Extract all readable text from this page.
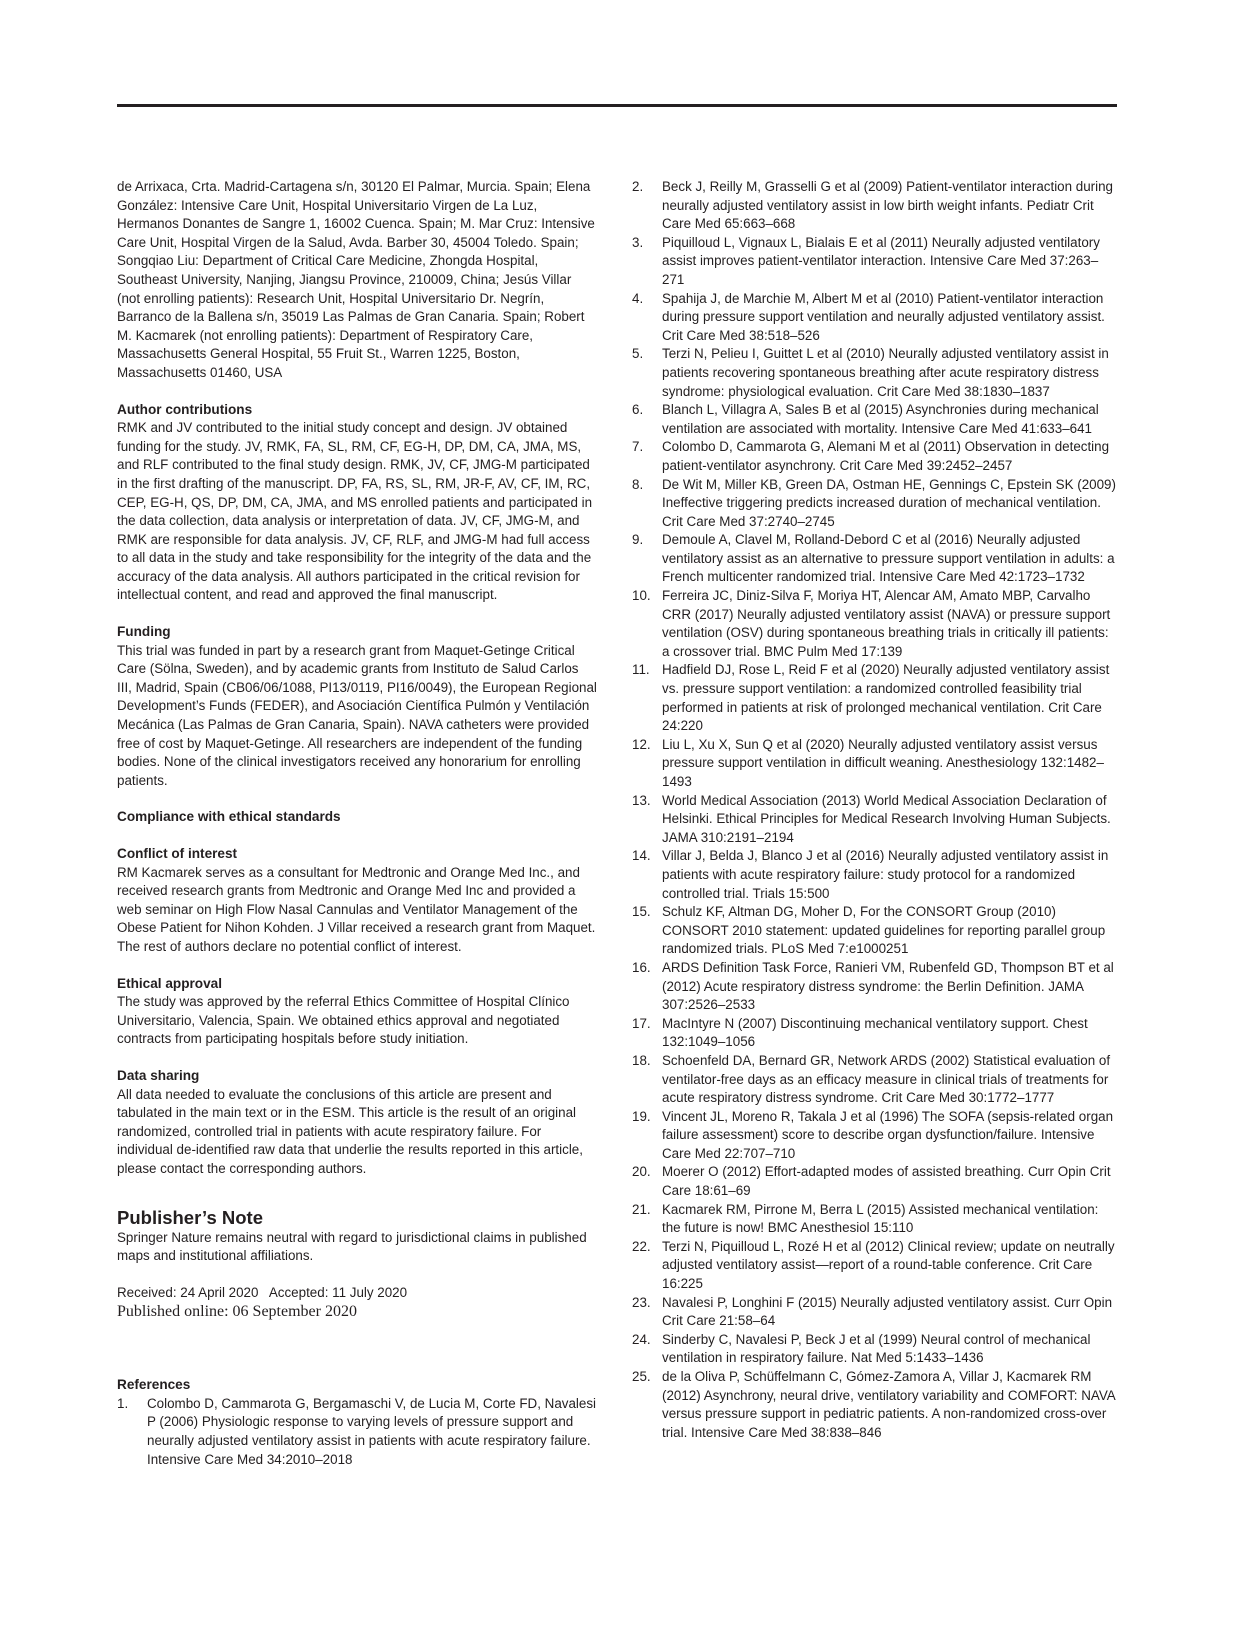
de Arrixaca, Crta. Madrid-Cartagena s/n, 30120 El Palmar, Murcia. Spain; Elena González: Intensive Care Unit, Hospital Universitario Virgen de La Luz, Hermanos Donantes de Sangre 1, 16002 Cuenca. Spain; M. Mar Cruz: Intensive Care Unit, Hospital Virgen de la Salud, Avda. Barber 30, 45004 Toledo. Spain; Songqiao Liu: Department of Critical Care Medicine, Zhongda Hospital, Southeast University, Nanjing, Jiangsu Province, 210009, China; Jesús Villar (not enrolling patients): Research Unit, Hospital Universitario Dr. Negrín, Barranco de la Ballena s/n, 35019 Las Palmas de Gran Canaria. Spain; Robert M. Kacmarek (not enrolling patients): Department of Respiratory Care, Massachusetts General Hospital, 55 Fruit St., Warren 1225, Boston, Massachusetts 01460, USA

Author contributions

RMK and JV contributed to the initial study concept and design. JV obtained funding for the study. JV, RMK, FA, SL, RM, CF, EG-H, DP, DM, CA, JMA, MS, and RLF contributed to the final study design. RMK, JV, CF, JMG-M participated in the first drafting of the manuscript. DP, FA, RS, SL, RM, JR-F, AV, CF, IM, RC, CEP, EG-H, QS, DP, DM, CA, JMA, and MS enrolled patients and participated in the data collection, data analysis or interpretation of data. JV, CF, JMG-M, and RMK are responsible for data analysis. JV, CF, RLF, and JMG-M had full access to all data in the study and take responsibility for the integrity of the data and the accuracy of the data analysis. All authors participated in the critical revision for intellectual content, and read and approved the final manuscript.

Funding

This trial was funded in part by a research grant from Maquet-Getinge Critical Care (Sölna, Sweden), and by academic grants from Instituto de Salud Carlos III, Madrid, Spain (CB06/06/1088, PI13/0119, PI16/0049), the European Regional Development’s Funds (FEDER), and Asociación Científica Pulmón y Ventilación Mecánica (Las Palmas de Gran Canaria, Spain). NAVA catheters were provided free of cost by Maquet-Getinge. All researchers are independent of the funding bodies. None of the clinical investigators received any honorarium for enrolling patients.

Compliance with ethical standards
Conflict of interest

RM Kacmarek serves as a consultant for Medtronic and Orange Med Inc., and received research grants from Medtronic and Orange Med Inc and provided a web seminar on High Flow Nasal Cannulas and Ventilator Management of the Obese Patient for Nihon Kohden. J Villar received a research grant from Maquet. The rest of authors declare no potential conflict of interest.

Ethical approval

The study was approved by the referral Ethics Committee of Hospital Clínico Universitario, Valencia, Spain. We obtained ethics approval and negotiated contracts from participating hospitals before study initiation.

Data sharing

All data needed to evaluate the conclusions of this article are present and tabulated in the main text or in the ESM. This article is the result of an original randomized, controlled trial in patients with acute respiratory failure. For individual de-identified raw data that underlie the results reported in this article, please contact the corresponding authors.

Publisher’s Note

Springer Nature remains neutral with regard to jurisdictional claims in published maps and institutional affiliations.

Received: 24 April 2020   Accepted: 11 July 2020

Published online: 06 September 2020

References
1. Colombo D, Cammarota G, Bergamaschi V, de Lucia M, Corte FD, Navalesi P (2006) Physiologic response to varying levels of pressure support and neurally adjusted ventilatory assist in patients with acute respiratory failure. Intensive Care Med 34:2010–2018
2. Beck J, Reilly M, Grasselli G et al (2009) Patient-ventilator interaction during neurally adjusted ventilatory assist in low birth weight infants. Pediatr Crit Care Med 65:663–668
3. Piquilloud L, Vignaux L, Bialais E et al (2011) Neurally adjusted ventilatory assist improves patient-ventilator interaction. Intensive Care Med 37:263–271
4. Spahija J, de Marchie M, Albert M et al (2010) Patient-ventilator interaction during pressure support ventilation and neurally adjusted ventilatory assist. Crit Care Med 38:518–526
5. Terzi N, Pelieu I, Guittet L et al (2010) Neurally adjusted ventilatory assist in patients recovering spontaneous breathing after acute respiratory distress syndrome: physiological evaluation. Crit Care Med 38:1830–1837
6. Blanch L, Villagra A, Sales B et al (2015) Asynchronies during mechanical ventilation are associated with mortality. Intensive Care Med 41:633–641
7. Colombo D, Cammarota G, Alemani M et al (2011) Observation in detecting patient-ventilator asynchrony. Crit Care Med 39:2452–2457
8. De Wit M, Miller KB, Green DA, Ostman HE, Gennings C, Epstein SK (2009) Ineffective triggering predicts increased duration of mechanical ventilation. Crit Care Med 37:2740–2745
9. Demoule A, Clavel M, Rolland-Debord C et al (2016) Neurally adjusted ventilatory assist as an alternative to pressure support ventilation in adults: a French multicenter randomized trial. Intensive Care Med 42:1723–1732
10. Ferreira JC, Diniz-Silva F, Moriya HT, Alencar AM, Amato MBP, Carvalho CRR (2017) Neurally adjusted ventilatory assist (NAVA) or pressure support ventilation (OSV) during spontaneous breathing trials in critically ill patients: a crossover trial. BMC Pulm Med 17:139
11. Hadfield DJ, Rose L, Reid F et al (2020) Neurally adjusted ventilatory assist vs. pressure support ventilation: a randomized controlled feasibility trial performed in patients at risk of prolonged mechanical ventilation. Crit Care 24:220
12. Liu L, Xu X, Sun Q et al (2020) Neurally adjusted ventilatory assist versus pressure support ventilation in difficult weaning. Anesthesiology 132:1482–1493
13. World Medical Association (2013) World Medical Association Declaration of Helsinki. Ethical Principles for Medical Research Involving Human Subjects. JAMA 310:2191–2194
14. Villar J, Belda J, Blanco J et al (2016) Neurally adjusted ventilatory assist in patients with acute respiratory failure: study protocol for a randomized controlled trial. Trials 15:500
15. Schulz KF, Altman DG, Moher D, For the CONSORT Group (2010) CONSORT 2010 statement: updated guidelines for reporting parallel group randomized trials. PLoS Med 7:e1000251
16. ARDS Definition Task Force, Ranieri VM, Rubenfeld GD, Thompson BT et al (2012) Acute respiratory distress syndrome: the Berlin Definition. JAMA 307:2526–2533
17. MacIntyre N (2007) Discontinuing mechanical ventilatory support. Chest 132:1049–1056
18. Schoenfeld DA, Bernard GR, Network ARDS (2002) Statistical evaluation of ventilator-free days as an efficacy measure in clinical trials of treatments for acute respiratory distress syndrome. Crit Care Med 30:1772–1777
19. Vincent JL, Moreno R, Takala J et al (1996) The SOFA (sepsis-related organ failure assessment) score to describe organ dysfunction/failure. Intensive Care Med 22:707–710
20. Moerer O (2012) Effort-adapted modes of assisted breathing. Curr Opin Crit Care 18:61–69
21. Kacmarek RM, Pirrone M, Berra L (2015) Assisted mechanical ventilation: the future is now! BMC Anesthesiol 15:110
22. Terzi N, Piquilloud L, Rozé H et al (2012) Clinical review; update on neutrally adjusted ventilatory assist—report of a round-table conference. Crit Care 16:225
23. Navalesi P, Longhini F (2015) Neurally adjusted ventilatory assist. Curr Opin Crit Care 21:58–64
24. Sinderby C, Navalesi P, Beck J et al (1999) Neural control of mechanical ventilation in respiratory failure. Nat Med 5:1433–1436
25. de la Oliva P, Schüffelmann C, Gómez-Zamora A, Villar J, Kacmarek RM (2012) Asynchrony, neural drive, ventilatory variability and COMFORT: NAVA versus pressure support in pediatric patients. A non-randomized cross-over trial. Intensive Care Med 38:838–846
